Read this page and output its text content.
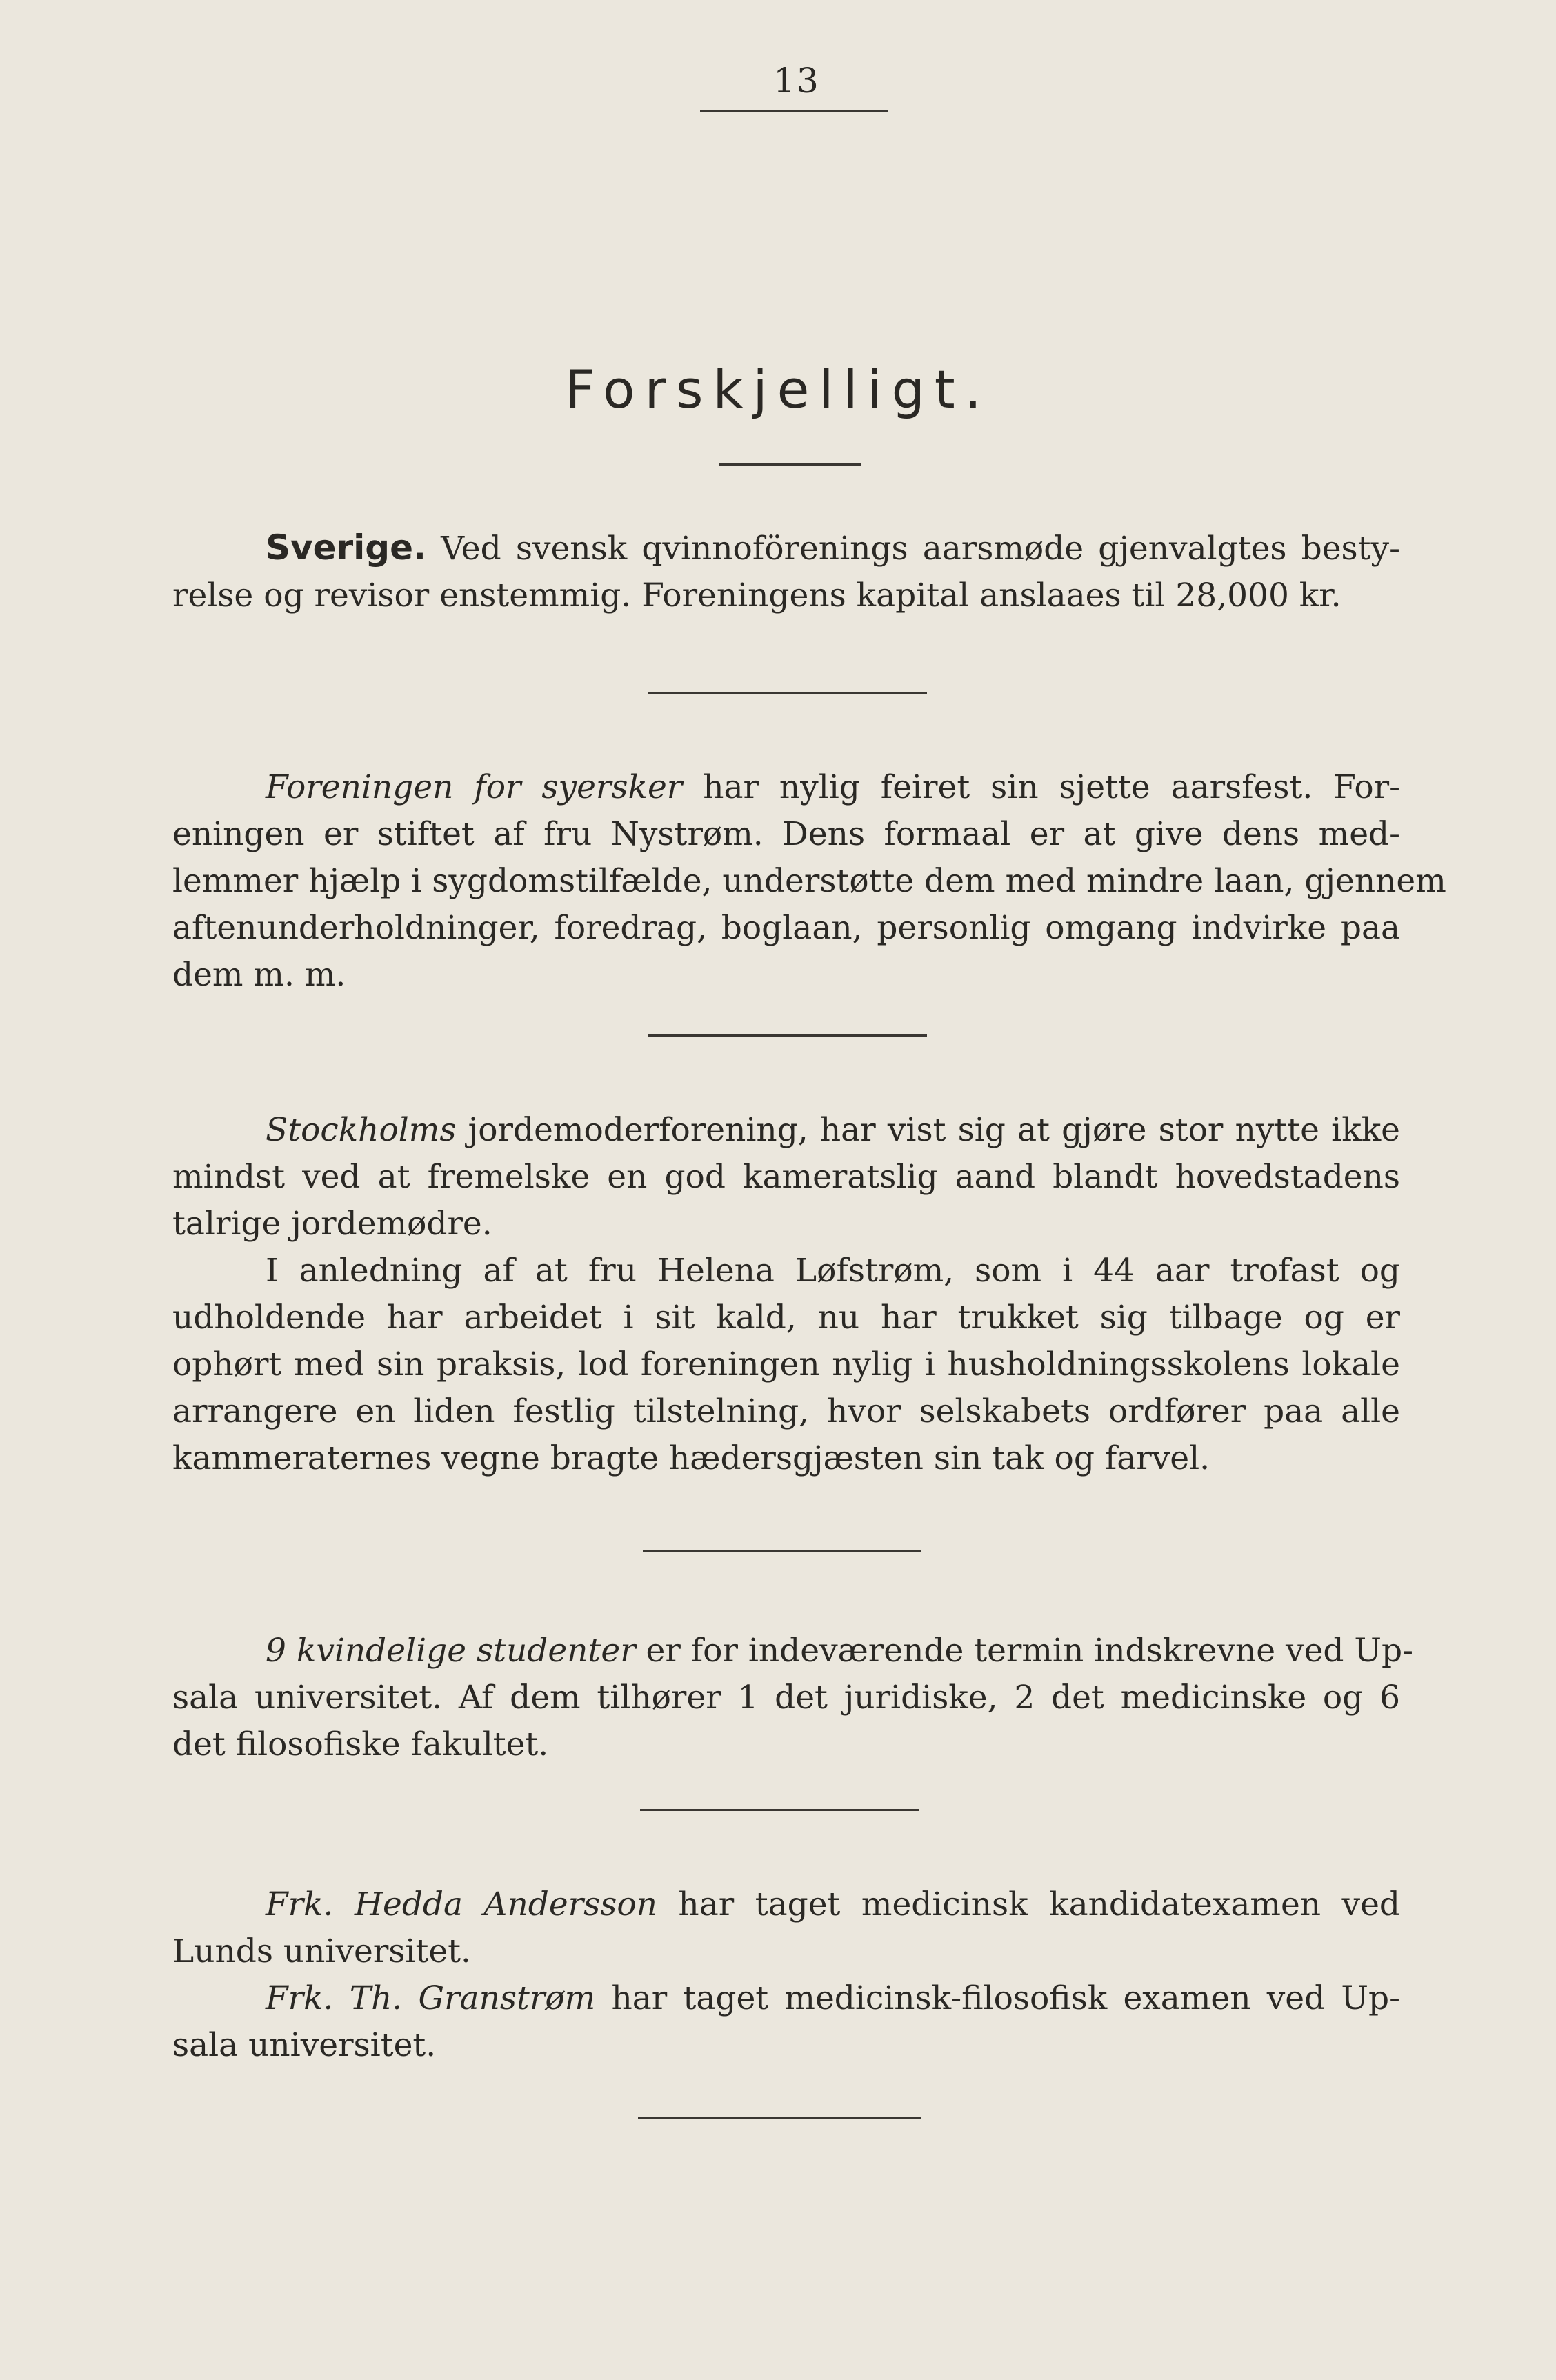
13
Forskjelligt.
Sverige. Ved svensk qvinnoförenings aarsmøde gjenvalgtes besty-
relse og revisor enstemmig. Foreningens kapital anslaaes til 28,000 kr.
Foreningen for syersker har nylig feiret sin sjette aarsfest. For-
eningen er stiftet af fru Nystrøm. Dens formaal er at give dens med-
lemmer hjælp i sygdomstilfælde, understøtte dem med mindre laan, gjennem
aftenunderholdninger, foredrag, boglaan, personlig omgang indvirke paa
dem m. m.
Stockholms jordemoderforening, har vist sig at gjøre stor nytte ikke
mindst ved at fremelske en god kameratslig aand blandt hovedstadens
talrige jordemødre.
I anledning af at fru Helena Løfstrøm, som i 44 aar trofast og
udholdende har arbeidet i sit kald, nu har trukket sig tilbage og er
ophørt med sin praksis, lod foreningen nylig i husholdningsskolens lokale
arrangere en liden festlig tilstelning, hvor selskabets ordfører paa alle
kammeraternes vegne bragte hædersgjæsten sin tak og farvel.
9 kvindelige studenter er for indeværende termin indskrevne ved Up-
sala universitet. Af dem tilhører 1 det juridiske, 2 det medicinske og 6
det filosofiske fakultet.
Frk. Hedda Andersson har taget medicinsk kandidatexamen ved
Lunds universitet.
Frk. Th. Granstrøm har taget medicinsk-filosofisk examen ved Up-
sala universitet.
